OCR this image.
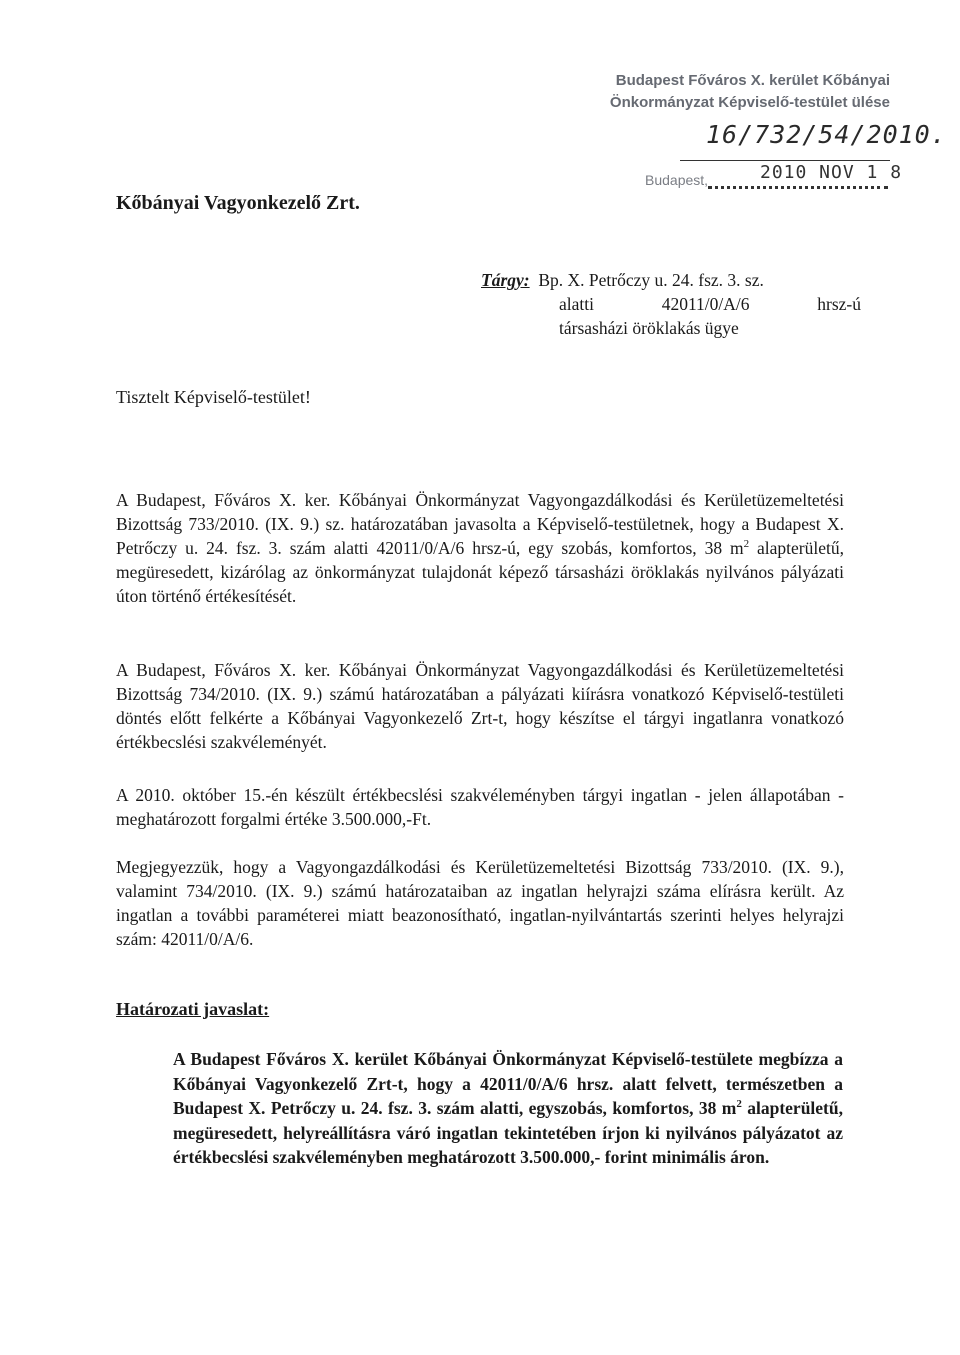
Budapest Főváros X. kerület Kőbányai
Önkormányzat Képviselő-testület ülése
16/732/54/2010.
Budapest,	2010 NOV 1 8
Kőbányai Vagyonkezelő Zrt.
Tárgy: Bp. X. Petrőczy u. 24. fsz. 3. sz.
alatti	42011/0/A/6	hrsz-ú
társasházi öröklakás ügye
Tisztelt Képviselő-testület!
A Budapest, Főváros X. ker. Kőbányai Önkormányzat Vagyongazdálkodási és Kerületüzemeltetési Bizottság 733/2010. (IX. 9.) sz. határozatában javasolta a Képviselő-testületnek, hogy a Budapest X. Petrőczy u. 24. fsz. 3. szám alatti 42011/0/A/6 hrsz-ú, egy szobás, komfortos, 38 $m^2$ alapterületű, megüresedett, kizárólag az önkormányzat tulajdonát képező társasházi öröklakás nyilvános pályázati úton történő értékesítését.
A Budapest, Főváros X. ker. Kőbányai Önkormányzat Vagyongazdálkodási és Kerületüzemeltetési Bizottság 734/2010. (IX. 9.) számú határozatában a pályázati kiírásra vonatkozó Képviselő-testületi döntés előtt felkérte a Kőbányai Vagyonkezelő Zrt-t, hogy készítse el tárgyi ingatlanra vonatkozó értékbecslési szakvéleményét.
A 2010. október 15.-én készült értékbecslési szakvéleményben tárgyi ingatlan - jelen állapotában - meghatározott forgalmi értéke 3.500.000,-Ft.
Megjegyezzük, hogy a Vagyongazdálkodási és Kerületüzemeltetési Bizottság 733/2010. (IX. 9.), valamint 734/2010. (IX. 9.) számú határozataiban az ingatlan helyrajzi száma elírásra került. Az ingatlan a további paraméterei miatt beazonosítható, ingatlan-nyilvántartás szerinti helyes helyrajzi szám: 42011/0/A/6.
Határozati javaslat:
A Budapest Főváros X. kerület Kőbányai Önkormányzat Képviselő-testülete megbízza a Kőbányai Vagyonkezelő Zrt-t, hogy a 42011/0/A/6 hrsz. alatt felvett, természetben a Budapest X. Petrőczy u. 24. fsz. 3. szám alatti, egyszobás, komfortos, 38 $m^2$ alapterületű, megüresedett, helyreállításra váró ingatlan tekintetében írjon ki nyilvános pályázatot az értékbecslési szakvéleményben meghatározott 3.500.000,- forint minimális áron.
